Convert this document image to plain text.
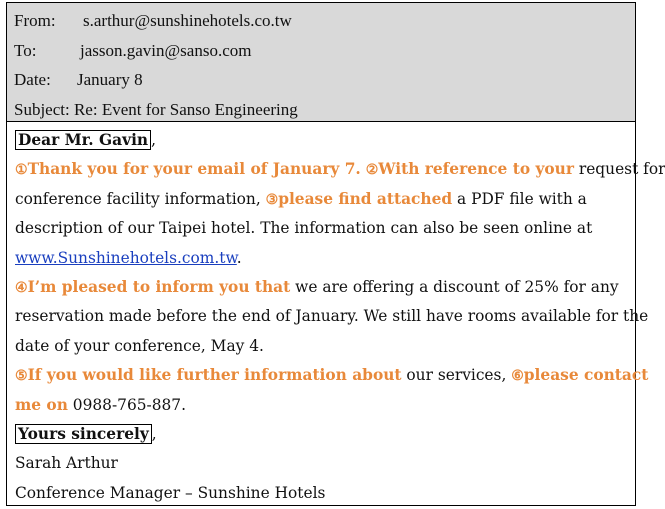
From: s.arthur@sunshinehotels.co.tw
To:	jasson.gavin@sanso.com
Date: January 8
Subject: Re: Event for Sanso Engineering
Dear Mr. Gavin ,
①Thank you for your email of January 7. ②With reference to your request for
conference facility information, ③please find attached a PDF file with a
description of our Taipei hotel. The information can also be seen online at
www.Sunshinehotels.com.tw.
④I’m pleased to inform you that we are offering a discount of 25% for any
reservation made before the end of January. We still have rooms available for the
date of your conference, May 4.
⑤If you would like further information about our services, ⑥please contact
me on 0988-765-887.
Yours sincerely ,
Sarah Arthur
Conference Manager – Sunshine Hotels
